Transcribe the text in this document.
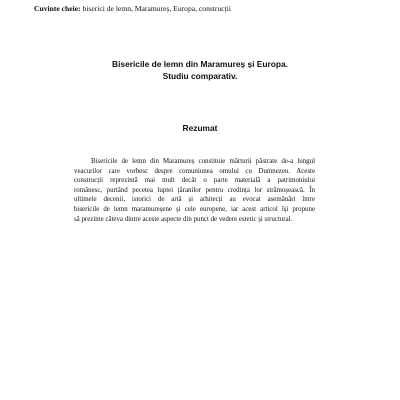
Cuvinte cheie: biserici de lemn, Maramureș, Europa, construcții
Bisericile de lemn din Maramureș și Europa.
Studiu comparativ.
Rezumat
Bisericile de lemn din Maramureș constituie mărturii păstrate de-a lungul
veacurilor care vorbesc despre comuniunea omului cu Dumnezeu. Aceste
construcții reprezintă mai mult decât o parte materială a patrimoniului
românesc, purtând pecetea luptei țăranilor pentru credința lor strămoșească. În
ultimele decenii, istorici de artă și arhitecți au evocat asemănări între
bisericile de lemn maramureșene și cele europene, iar acest articol își propune
să prezinte câteva dintre aceste aspecte din punct de vedere estetic și structural.
